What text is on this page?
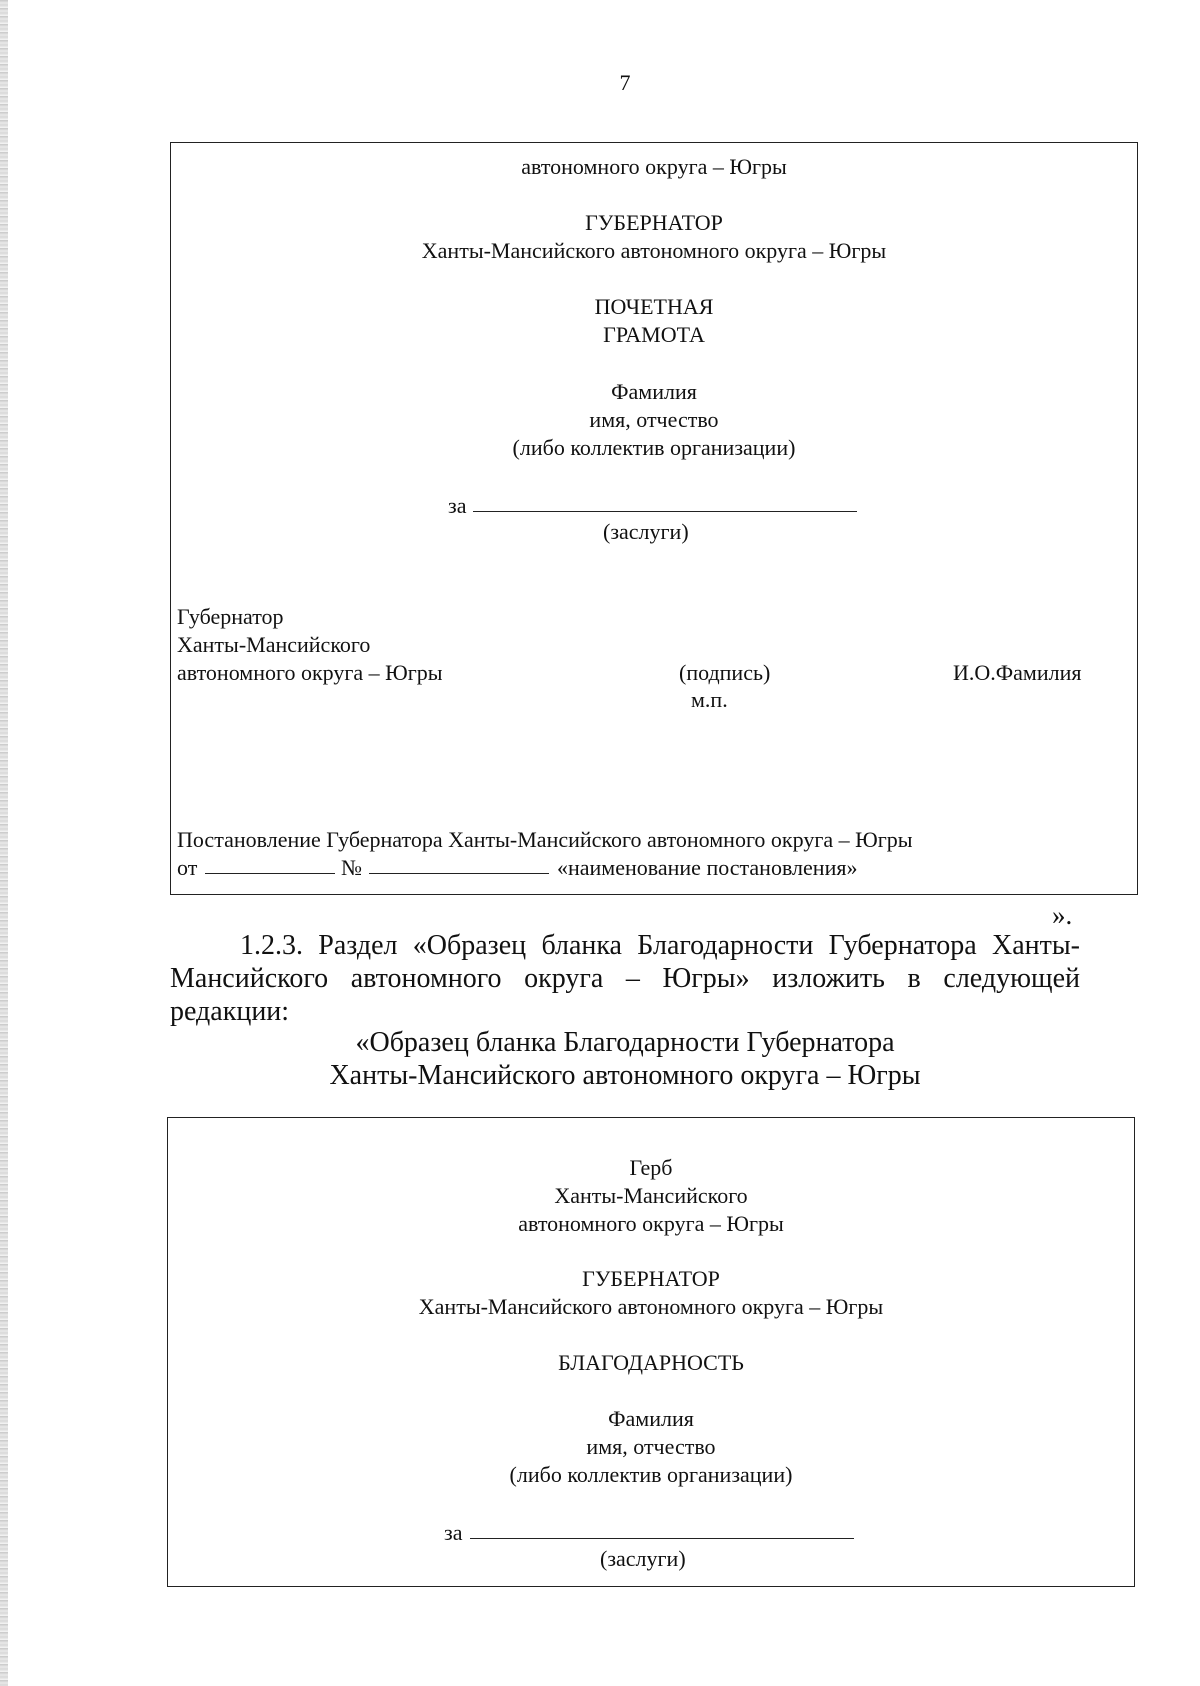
7
автономного округа – Югры
ГУБЕРНАТОР
Ханты-Мансийского автономного округа – Югры
ПОЧЕТНАЯ
ГРАМОТА
Фамилия
имя, отчество
(либо коллектив организации)
за
(заслуги)
Губернатор
Ханты-Мансийского
автономного округа – Югры	(подпись)	И.О.Фамилия
м.п.
Постановление Губернатора Ханты-Мансийского автономного округа – Югры
от	№	«наименование постановления»
».
1.2.3. Раздел «Образец бланка Благодарности Губернатора Ханты-
Мансийского автономного округа – Югры» изложить в следующей
редакции:
«Образец бланка Благодарности Губернатора
Ханты-Мансийского автономного округа – Югры
Герб
Ханты-Мансийского
автономного округа – Югры
ГУБЕРНАТОР
Ханты-Мансийского автономного округа – Югры
БЛАГОДАРНОСТЬ
Фамилия
имя, отчество
(либо коллектив организации)
за
(заслуги)
